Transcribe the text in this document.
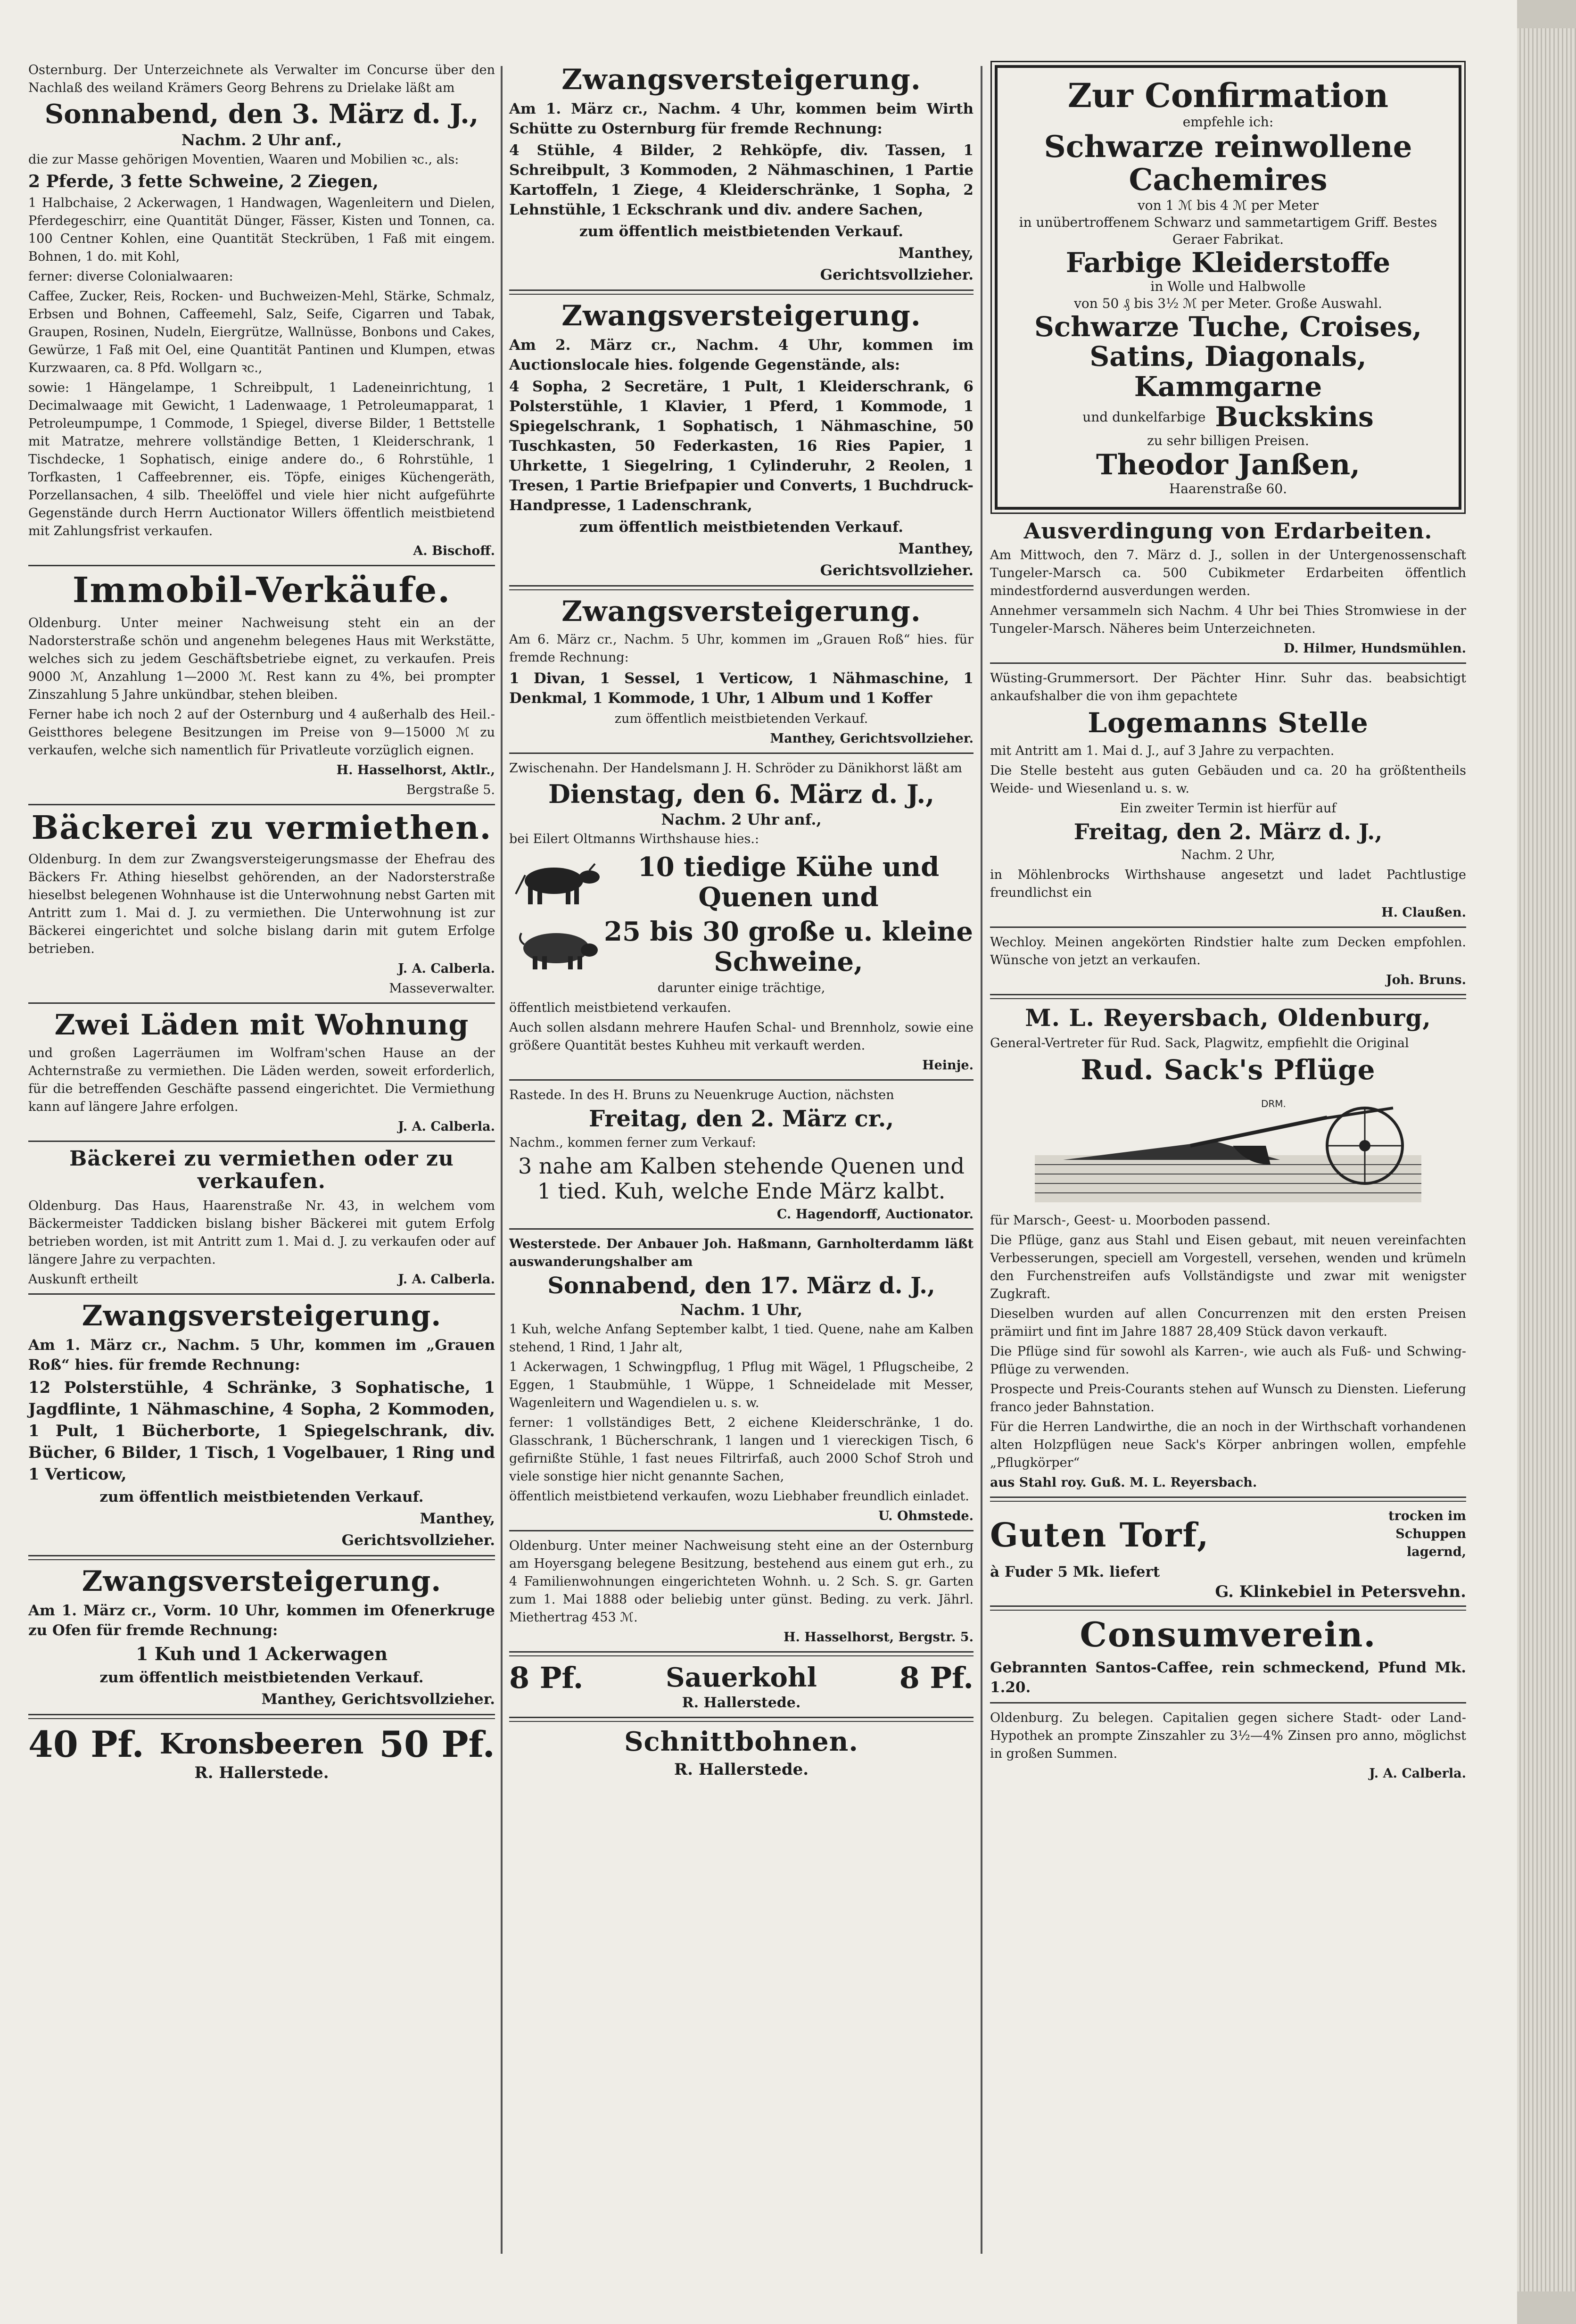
Osternburg. Der Unterzeichnete als Verwalter im Concurse über den Nachlaß des weiland Krämers Georg Behrens zu Drielake läßt am

Sonnabend, den 3. März d. J.,

Nachm. 2 Uhr anf.,

die zur Masse gehörigen Moventien, Waaren und Mobilien ꝛc., als:

2 Pferde, 3 fette Schweine, 2 Ziegen,

1 Halbchaise, 2 Ackerwagen, 1 Handwagen, Wagenleitern und Dielen, Pferdegeschirr, eine Quantität Dünger, Fässer, Kisten und Tonnen, ca. 100 Centner Kohlen, eine Quantität Steckrüben, 1 Faß mit eingem. Bohnen, 1 do. mit Kohl,

ferner: diverse Colonialwaaren:

Caffee, Zucker, Reis, Rocken- und Buchweizen-Mehl, Stärke, Schmalz, Erbsen und Bohnen, Caffeemehl, Salz, Seife, Cigarren und Tabak, Graupen, Rosinen, Nudeln, Eiergrütze, Wallnüsse, Bonbons und Cakes, Gewürze, 1 Faß mit Oel, eine Quantität Pantinen und Klumpen, etwas Kurzwaaren, ca. 8 Pfd. Wollgarn ꝛc.,

sowie: 1 Hängelampe, 1 Schreibpult, 1 Ladeneinrichtung, 1 Decimalwaage mit Gewicht, 1 Ladenwaage, 1 Petroleumapparat, 1 Petroleumpumpe, 1 Commode, 1 Spiegel, diverse Bilder, 1 Bettstelle mit Matratze, mehrere vollständige Betten, 1 Kleiderschrank, 1 Tischdecke, 1 Sophatisch, einige andere do., 6 Rohrstühle, 1 Torfkasten, 1 Caffeebrenner, eis. Töpfe, einiges Küchengeräth, Porzellansachen, 4 silb. Theelöffel und viele hier nicht aufgeführte Gegenstände durch Herrn Auctionator Willers öffentlich meistbietend mit Zahlungsfrist verkaufen.

A. Bischoff.

Immobil-Verkäufe.

Oldenburg. Unter meiner Nachweisung steht ein an der Nadorsterstraße schön und angenehm belegenes Haus mit Werkstätte, welches sich zu jedem Geschäftsbetriebe eignet, zu verkaufen. Preis 9000 ℳ, Anzahlung 1—2000 ℳ. Rest kann zu 4%, bei prompter Zinszahlung 5 Jahre unkündbar, stehen bleiben.

Ferner habe ich noch 2 auf der Osternburg und 4 außerhalb des Heil.-Geistthores belegene Besitzungen im Preise von 9—15000 ℳ zu verkaufen, welche sich namentlich für Privatleute vorzüglich eignen.

H. Hasselhorst, Aktlr.,

Bergstraße 5.

Bäckerei zu vermiethen.

Oldenburg. In dem zur Zwangsversteigerungsmasse der Ehefrau des Bäckers Fr. Athing hieselbst gehörenden, an der Nadorsterstraße hieselbst belegenen Wohnhause ist die Unterwohnung nebst Garten mit Antritt zum 1. Mai d. J. zu vermiethen. Die Unterwohnung ist zur Bäckerei eingerichtet und solche bislang darin mit gutem Erfolge betrieben.

J. A. Calberla.

Masseverwalter.

Zwei Läden mit Wohnung

und großen Lagerräumen im Wolfram'schen Hause an der Achternstraße zu vermiethen. Die Läden werden, soweit erforderlich, für die betreffenden Geschäfte passend eingerichtet. Die Vermiethung kann auf längere Jahre erfolgen.

J. A. Calberla.

Bäckerei zu vermiethen oder zu verkaufen.

Oldenburg. Das Haus, Haarenstraße Nr. 43, in welchem vom Bäckermeister Taddicken bislang bisher Bäckerei mit gutem Erfolg betrieben worden, ist mit Antritt zum 1. Mai d. J. zu verkaufen oder auf längere Jahre zu verpachten.

Auskunft ertheilt	J. A. Calberla.

Zwangsversteigerung.

Am 1. März cr., Nachm. 5 Uhr, kommen im „Grauen Roß“ hies. für fremde Rechnung:

12 Polsterstühle, 4 Schränke, 3 Sophatische, 1 Jagdflinte, 1 Nähmaschine, 4 Sopha, 2 Kommoden, 1 Pult, 1 Bücherborte, 1 Spiegelschrank, div. Bücher, 6 Bilder, 1 Tisch, 1 Vogelbauer, 1 Ring und 1 Verticow,

zum öffentlich meistbietenden Verkauf.

Manthey,

Gerichtsvollzieher.

Zwangsversteigerung.

Am 1. März cr., Vorm. 10 Uhr, kommen im Ofenerkruge zu Ofen für fremde Rechnung:

1 Kuh und 1 Ackerwagen

zum öffentlich meistbietenden Verkauf.

Manthey, Gerichtsvollzieher.

40 Pf. Kronsbeeren 50 Pf.

R. Hallerstede.

Zwangsversteigerung.

Am 1. März cr., Nachm. 4 Uhr, kommen beim Wirth Schütte zu Osternburg für fremde Rechnung:

4 Stühle, 4 Bilder, 2 Rehköpfe, div. Tassen, 1 Schreibpult, 3 Kommoden, 2 Nähmaschinen, 1 Partie Kartoffeln, 1 Ziege, 4 Kleiderschränke, 1 Sopha, 2 Lehnstühle, 1 Eckschrank und div. andere Sachen,

zum öffentlich meistbietenden Verkauf.

Manthey,

Gerichtsvollzieher.

Zwangsversteigerung.

Am 2. März cr., Nachm. 4 Uhr, kommen im Auctionslocale hies. folgende Gegenstände, als:

4 Sopha, 2 Secretäre, 1 Pult, 1 Kleiderschrank, 6 Polsterstühle, 1 Klavier, 1 Pferd, 1 Kommode, 1 Spiegelschrank, 1 Sophatisch, 1 Nähmaschine, 50 Tuschkasten, 50 Federkasten, 16 Ries Papier, 1 Uhrkette, 1 Siegelring, 1 Cylinderuhr, 2 Reolen, 1 Tresen, 1 Partie Briefpapier und Converts, 1 Buchdruck-Handpresse, 1 Ladenschrank,

zum öffentlich meistbietenden Verkauf.

Manthey,

Gerichtsvollzieher.

Zwangsversteigerung.

Am 6. März cr., Nachm. 5 Uhr, kommen im „Grauen Roß“ hies. für fremde Rechnung:

1 Divan, 1 Sessel, 1 Verticow, 1 Nähmaschine, 1 Denkmal, 1 Kommode, 1 Uhr, 1 Album und 1 Koffer

zum öffentlich meistbietenden Verkauf.

Manthey, Gerichtsvollzieher.

Zwischenahn. Der Handelsmann J. H. Schröder zu Dänikhorst läßt am

Dienstag, den 6. März d. J.,

Nachm. 2 Uhr anf.,

bei Eilert Oltmanns Wirthshause hies.:

10 tiedige Kühe und Quenen und
25 bis 30 große u. kleine Schweine,

darunter einige trächtige,

öffentlich meistbietend verkaufen.

Auch sollen alsdann mehrere Haufen Schal- und Brennholz, sowie eine größere Quantität bestes Kuhheu mit verkauft werden.

Heinje.

Rastede. In des H. Bruns zu Neuenkruge Auction, nächsten

Freitag, den 2. März cr.,

Nachm., kommen ferner zum Verkauf:

3 nahe am Kalben stehende Quenen und 1 tied. Kuh, welche Ende März kalbt.

C. Hagendorff, Auctionator.

Westerstede. Der Anbauer Joh. Haßmann, Garnholterdamm läßt auswanderungshalber am

Sonnabend, den 17. März d. J.,

Nachm. 1 Uhr,

1 Kuh, welche Anfang September kalbt, 1 tied. Quene, nahe am Kalben stehend, 1 Rind, 1 Jahr alt,

1 Ackerwagen, 1 Schwingpflug, 1 Pflug mit Wägel, 1 Pflugscheibe, 2 Eggen, 1 Staubmühle, 1 Wüppe, 1 Schneidelade mit Messer, Wagenleitern und Wagendielen u. s. w.

ferner: 1 vollständiges Bett, 2 eichene Kleiderschränke, 1 do. Glasschrank, 1 Bücherschrank, 1 langen und 1 viereckigen Tisch, 6 gefirnißte Stühle, 1 fast neues Filtrirfaß, auch 2000 Schof Stroh und viele sonstige hier nicht genannte Sachen,

öffentlich meistbietend verkaufen, wozu Liebhaber freundlich einladet.

U. Ohmstede.

Oldenburg. Unter meiner Nachweisung steht eine an der Osternburg am Hoyersgang belegene Besitzung, bestehend aus einem gut erh., zu 4 Familienwohnungen eingerichteten Wohnh. u. 2 Sch. S. gr. Garten zum 1. Mai 1888 oder beliebig unter günst. Beding. zu verk. Jährl. Miethertrag 453 ℳ.

H. Hasselhorst, Bergstr. 5.

8 Pf.	Sauerkohl	8 Pf.

R. Hallerstede.

Schnittbohnen.

R. Hallerstede.

Zur Confirmation

empfehle ich:

Schwarze reinwollene Cachemires

von 1 ℳ bis 4 ℳ per Meter

in unübertroffenem Schwarz und sammetartigem Griff. Bestes Geraer Fabrikat.

Farbige Kleiderstoffe

in Wolle und Halbwolle

von 50 ₰ bis 3½ ℳ per Meter. Große Auswahl.

Schwarze Tuche, Croises, Satins, Diagonals, Kammgarne
und dunkelfarbige Buckskins

zu sehr billigen Preisen.

Theodor Janßen,

Haarenstraße 60.

Ausverdingung von Erdarbeiten.

Am Mittwoch, den 7. März d. J., sollen in der Untergenossenschaft Tungeler-Marsch ca. 500 Cubikmeter Erdarbeiten öffentlich mindestfordernd ausverdungen werden.

Annehmer versammeln sich Nachm. 4 Uhr bei Thies Stromwiese in der Tungeler-Marsch. Näheres beim Unterzeichneten.

D. Hilmer, Hundsmühlen.

Wüsting-Grummersort. Der Pächter Hinr. Suhr das. beabsichtigt ankaufshalber die von ihm gepachtete

Logemanns Stelle

mit Antritt am 1. Mai d. J., auf 3 Jahre zu verpachten.

Die Stelle besteht aus guten Gebäuden und ca. 20 ha größtentheils Weide- und Wiesenland u. s. w.

Ein zweiter Termin ist hierfür auf

Freitag, den 2. März d. J.,

Nachm. 2 Uhr,

in Möhlenbrocks Wirthshause angesetzt und ladet Pachtlustige freundlichst ein

H. Claußen.

Wechloy. Meinen angekörten Rindstier halte zum Decken empfohlen. Wünsche von jetzt an verkaufen.

Joh. Bruns.

M. L. Reyersbach, Oldenburg,

General-Vertreter für Rud. Sack, Plagwitz, empfiehlt die Original

Rud. Sack's Pflüge
DRM.

für Marsch-, Geest- u. Moorboden passend.

Die Pflüge, ganz aus Stahl und Eisen gebaut, mit neuen vereinfachten Verbesserungen, speciell am Vorgestell, versehen, wenden und krümeln den Furchenstreifen aufs Vollständigste und zwar mit wenigster Zugkraft.

Dieselben wurden auf allen Concurrenzen mit den ersten Preisen prämiirt und fint im Jahre 1887 28,409 Stück davon verkauft.

Die Pflüge sind für sowohl als Karren-, wie auch als Fuß- und Schwing-Pflüge zu verwenden.

Prospecte und Preis-Courants stehen auf Wunsch zu Diensten. Lieferung franco jeder Bahnstation.

Für die Herren Landwirthe, die an noch in der Wirthschaft vorhandenen alten Holzpflügen neue Sack's Körper anbringen wollen, empfehle „Pflugkörper“

aus Stahl roy. Guß. M. L. Reyersbach.

Guten Torf,	trocken im Schuppen lagernd,

à Fuder 5 Mk. liefert

G. Klinkebiel in Petersvehn.

Consumverein.

Gebrannten Santos-Caffee, rein schmeckend, Pfund Mk. 1.20.

Oldenburg. Zu belegen. Capitalien gegen sichere Stadt- oder Land-Hypothek an prompte Zinszahler zu 3½—4% Zinsen pro anno, möglichst in großen Summen.

J. A. Calberla.
